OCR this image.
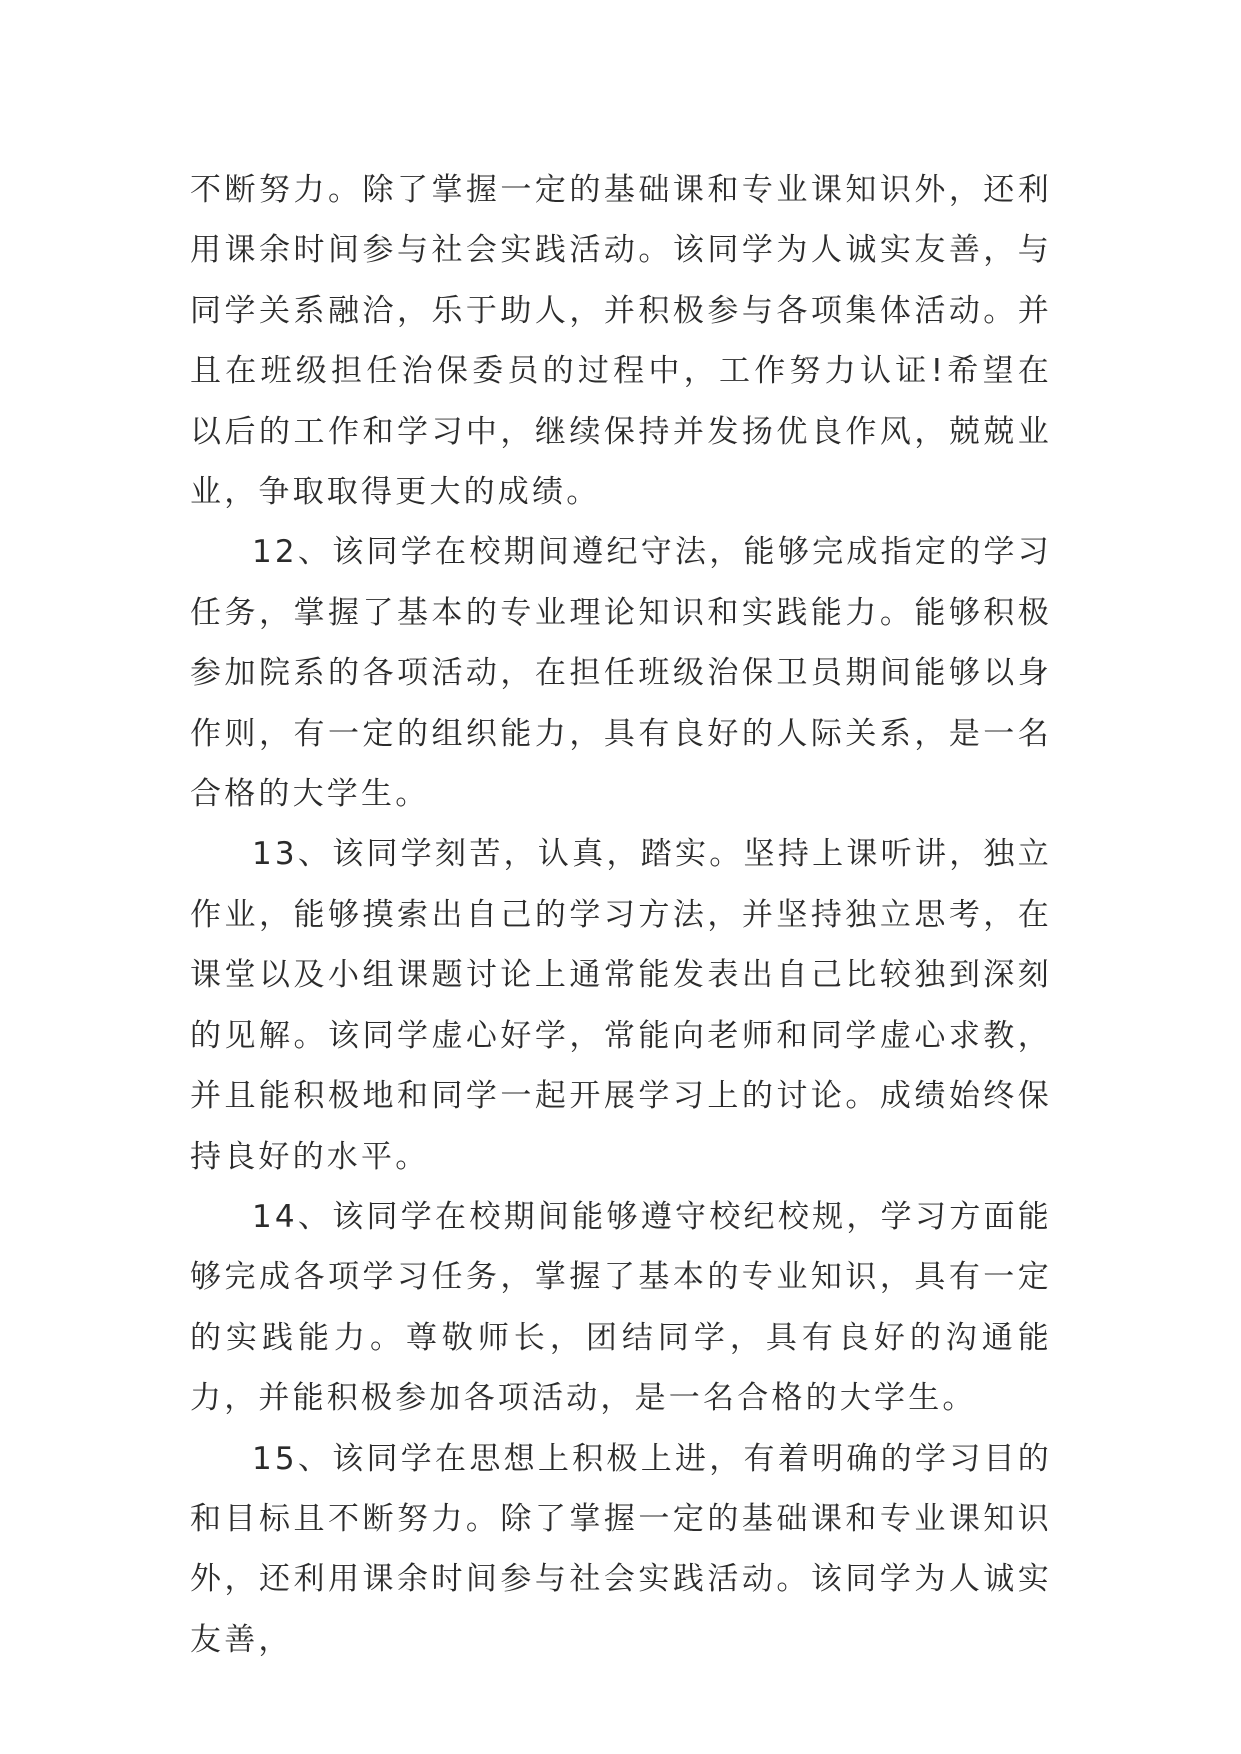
不断努力。除了掌握一定的基础课和专业课知识外，还利用课余时间参与社会实践活动。该同学为人诚实友善，与同学关系融洽，乐于助人，并积极参与各项集体活动。并且在班级担任治保委员的过程中，工作努力认证!希望在以后的工作和学习中，继续保持并发扬优良作风，兢兢业业，争取取得更大的成绩。

12、该同学在校期间遵纪守法，能够完成指定的学习任务，掌握了基本的专业理论知识和实践能力。能够积极参加院系的各项活动，在担任班级治保卫员期间能够以身作则，有一定的组织能力，具有良好的人际关系，是一名合格的大学生。

13、该同学刻苦，认真，踏实。坚持上课听讲，独立作业，能够摸索出自己的学习方法，并坚持独立思考，在课堂以及小组课题讨论上通常能发表出自己比较独到深刻的见解。该同学虚心好学，常能向老师和同学虚心求教，并且能积极地和同学一起开展学习上的讨论。成绩始终保持良好的水平。

14、该同学在校期间能够遵守校纪校规，学习方面能够完成各项学习任务，掌握了基本的专业知识，具有一定的实践能力。尊敬师长，团结同学，具有良好的沟通能力，并能积极参加各项活动，是一名合格的大学生。

15、该同学在思想上积极上进，有着明确的学习目的和目标且不断努力。除了掌握一定的基础课和专业课知识外，还利用课余时间参与社会实践活动。该同学为人诚实友善，
